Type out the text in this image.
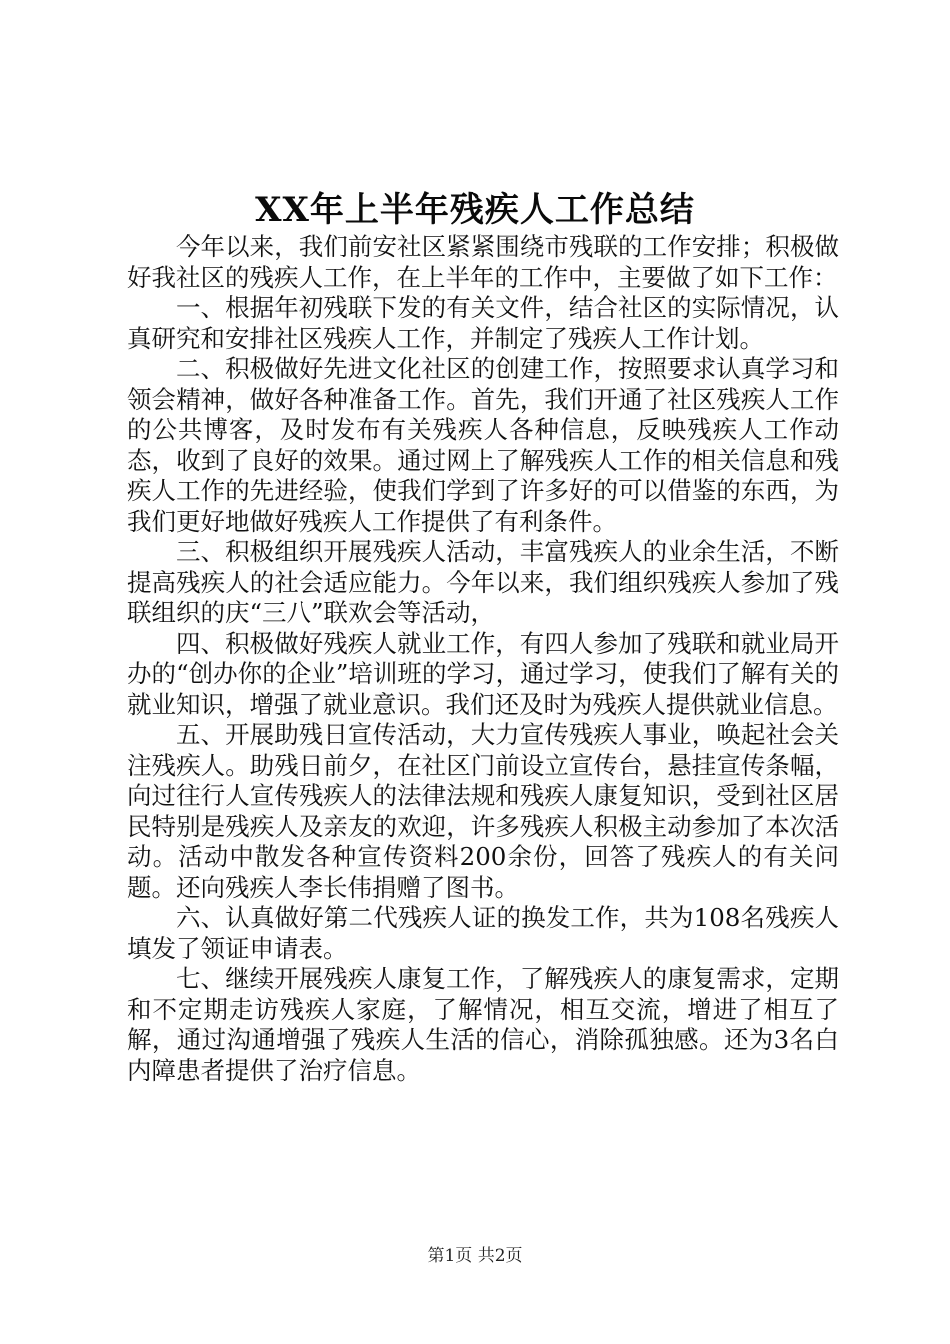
XX年上半年残疾人工作总结

今年以来，我们前安社区紧紧围绕市残联的工作安排；积极做好我社区的残疾人工作，在上半年的工作中，主要做了如下工作：

一、根据年初残联下发的有关文件，结合社区的实际情况，认真研究和安排社区残疾人工作，并制定了残疾人工作计划。

二、积极做好先进文化社区的创建工作，按照要求认真学习和领会精神，做好各种准备工作。首先，我们开通了社区残疾人工作的公共博客，及时发布有关残疾人各种信息，反映残疾人工作动态，收到了良好的效果。通过网上了解残疾人工作的相关信息和残疾人工作的先进经验，使我们学到了许多好的可以借鉴的东西，为我们更好地做好残疾人工作提供了有利条件。

三、积极组织开展残疾人活动，丰富残疾人的业余生活，不断提高残疾人的社会适应能力。今年以来，我们组织残疾人参加了残联组织的庆“三八”联欢会等活动，

四、积极做好残疾人就业工作，有四人参加了残联和就业局开办的“创办你的企业”培训班的学习，通过学习，使我们了解有关的就业知识，增强了就业意识。我们还及时为残疾人提供就业信息。

五、开展助残日宣传活动，大力宣传残疾人事业，唤起社会关注残疾人。助残日前夕，在社区门前设立宣传台，悬挂宣传条幅，向过往行人宣传残疾人的法律法规和残疾人康复知识，受到社区居民特别是残疾人及亲友的欢迎，许多残疾人积极主动参加了本次活动。活动中散发各种宣传资料200余份，回答了残疾人的有关问题。还向残疾人李长伟捐赠了图书。

六、认真做好第二代残疾人证的换发工作，共为108名残疾人填发了领证申请表。

七、继续开展残疾人康复工作，了解残疾人的康复需求，定期和不定期走访残疾人家庭，了解情况，相互交流，增进了相互了解，通过沟通增强了残疾人生活的信心，消除孤独感。还为3名白内障患者提供了治疗信息。

第1页 共2页
